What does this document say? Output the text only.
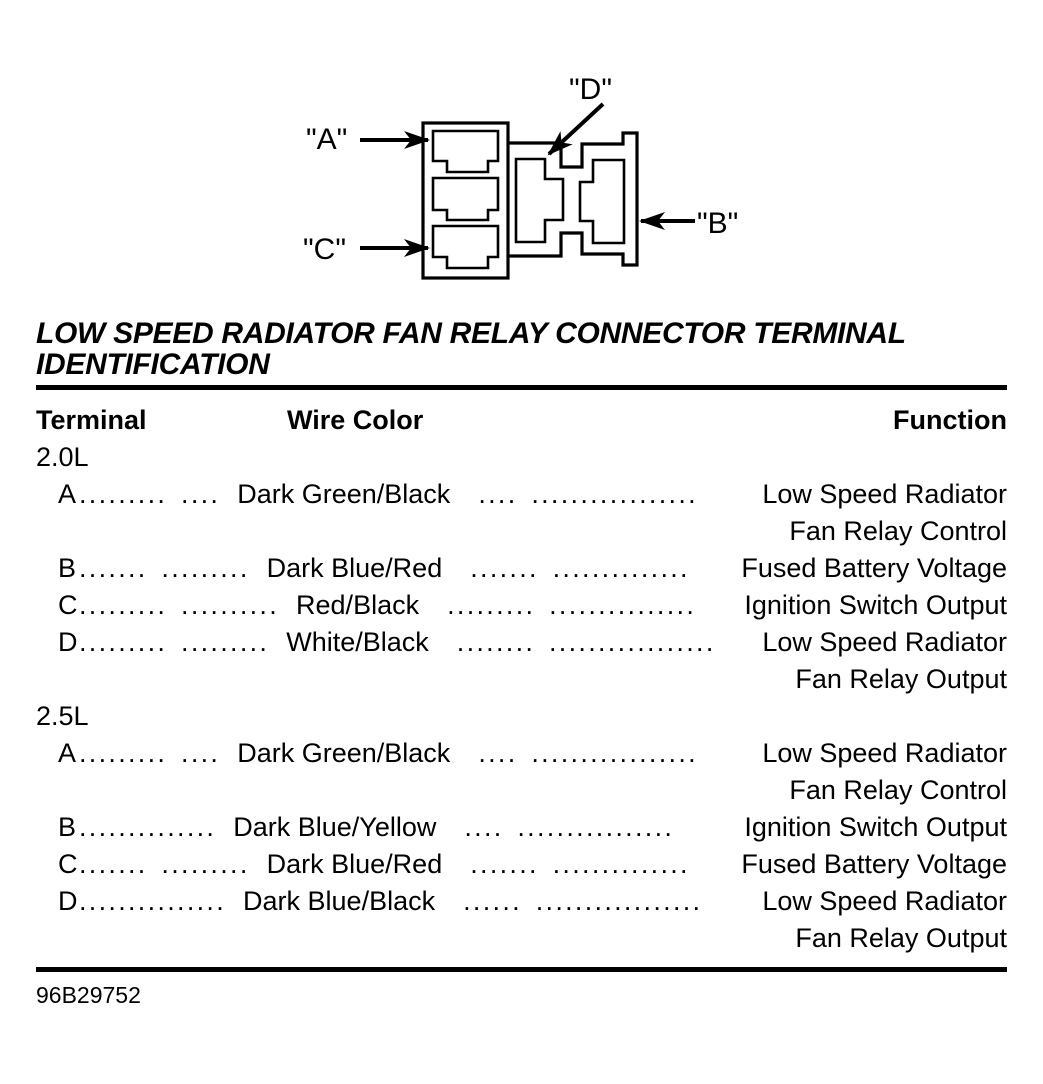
"A"
"C"
"D"
"B"
LOW SPEED RADIATOR FAN RELAY CONNECTOR TERMINAL
IDENTIFICATION
Terminal	Wire Color	Function
2.0L
A ......... .... Dark Green/Black .... .................	Low Speed Radiator
Fan Relay Control
B ....... ......... Dark Blue/Red ....... ..............	Fused Battery Voltage
C ......... .......... Red/Black ......... ...............	Ignition Switch Output
D ......... ......... White/Black ........ .................	Low Speed Radiator
Fan Relay Output
2.5L
A ......... .... Dark Green/Black .... .................	Low Speed Radiator
Fan Relay Control
B .............. Dark Blue/Yellow .... ................	Ignition Switch Output
C ....... ......... Dark Blue/Red ....... ..............	Fused Battery Voltage
D ............... Dark Blue/Black ...... .................	Low Speed Radiator
Fan Relay Output
96B29752
